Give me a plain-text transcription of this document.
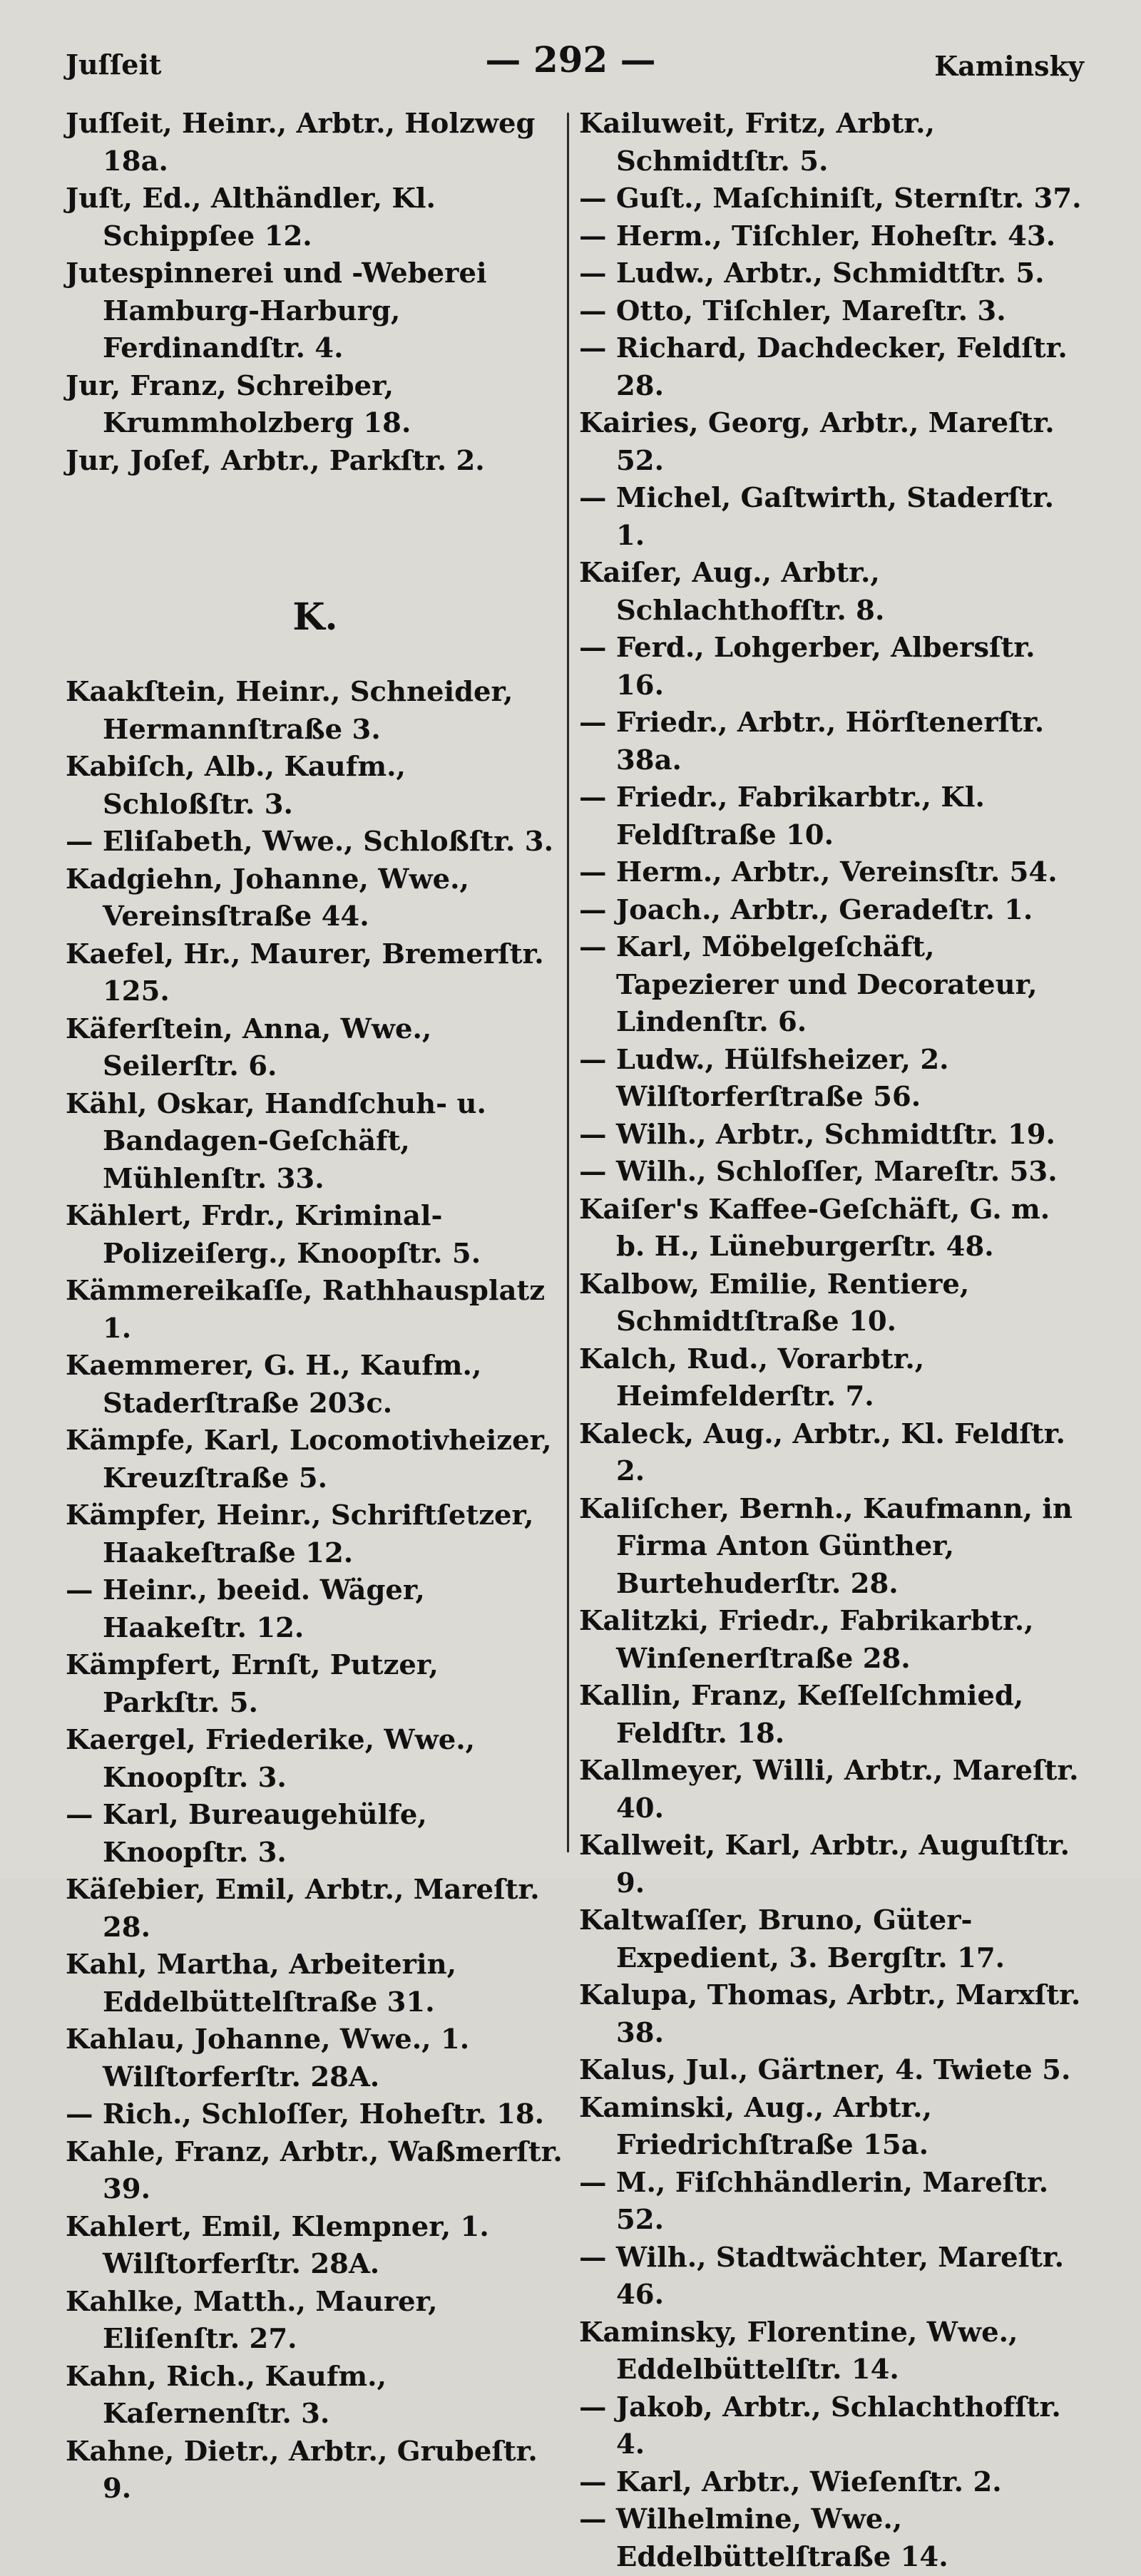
Juſſeit	— 292 —	Kaminsky
Juſſeit, Heinr., Arbtr., Holzweg 18a.
Juſt, Ed., Althändler, Kl. Schippſee 12.
Jutespinnerei und -Weberei Hamburg-Harburg, Ferdinandſtr. 4.
Jur, Franz, Schreiber, Krummholzberg 18.
Jur, Joſef, Arbtr., Parkſtr. 2.
K.
Kaakſtein, Heinr., Schneider, Hermannſtraße 3.
Kabiſch, Alb., Kaufm., Schloßſtr. 3.
— Eliſabeth, Wwe., Schloßſtr. 3.
Kadgiehn, Johanne, Wwe., Vereinsſtraße 44.
Kaefel, Hr., Maurer, Bremerſtr. 125.
Käferſtein, Anna, Wwe., Seilerſtr. 6.
Kähl, Oskar, Handſchuh- u. Bandagen-Geſchäft, Mühlenſtr. 33.
Kählert, Frdr., Kriminal-Polizeiſerg., Knoopſtr. 5.
Kämmereikaſſe, Rathhausplatz 1.
Kaemmerer, G. H., Kaufm., Staderſtraße 203c.
Kämpfe, Karl, Locomotivheizer, Kreuzſtraße 5.
Kämpfer, Heinr., Schriftſetzer, Haakeſtraße 12.
— Heinr., beeid. Wäger, Haakeſtr. 12.
Kämpfert, Ernſt, Putzer, Parkſtr. 5.
Kaergel, Friederike, Wwe., Knoopſtr. 3.
— Karl, Bureaugehülfe, Knoopſtr. 3.
Käſebier, Emil, Arbtr., Mareſtr. 28.
Kahl, Martha, Arbeiterin, Eddelbüttelſtraße 31.
Kahlau, Johanne, Wwe., 1. Wilſtorferſtr. 28A.
— Rich., Schloſſer, Hoheſtr. 18.
Kahle, Franz, Arbtr., Waßmerſtr. 39.
Kahlert, Emil, Klempner, 1. Wilſtorferſtr. 28A.
Kahlke, Matth., Maurer, Eliſenſtr. 27.
Kahn, Rich., Kaufm., Kaſernenſtr. 3.
Kahne, Dietr., Arbtr., Grubeſtr. 9.
Kailuweit, Fritz, Arbtr., Schmidtſtr. 5.
— Guſt., Maſchiniſt, Sternſtr. 37.
— Herm., Tiſchler, Hoheſtr. 43.
— Ludw., Arbtr., Schmidtſtr. 5.
— Otto, Tiſchler, Mareſtr. 3.
— Richard, Dachdecker, Feldſtr. 28.
Kairies, Georg, Arbtr., Mareſtr. 52.
— Michel, Gaſtwirth, Staderſtr. 1.
Kaiſer, Aug., Arbtr., Schlachthofſtr. 8.
— Ferd., Lohgerber, Albersſtr. 16.
— Friedr., Arbtr., Hörſtenerſtr. 38a.
— Friedr., Fabrikarbtr., Kl. Feldſtraße 10.
— Herm., Arbtr., Vereinsſtr. 54.
— Joach., Arbtr., Geradeſtr. 1.
— Karl, Möbelgeſchäft, Tapezierer und Decorateur, Lindenſtr. 6.
— Ludw., Hülfsheizer, 2. Wilſtorferſtraße 56.
— Wilh., Arbtr., Schmidtſtr. 19.
— Wilh., Schloſſer, Mareſtr. 53.
Kaiſer's Kaffee-Geſchäft, G. m. b. H., Lüneburgerſtr. 48.
Kalbow, Emilie, Rentiere, Schmidtſtraße 10.
Kalch, Rud., Vorarbtr., Heimfelderſtr. 7.
Kaleck, Aug., Arbtr., Kl. Feldſtr. 2.
Kaliſcher, Bernh., Kaufmann, in Firma Anton Günther, Burtehuderſtr. 28.
Kalitzki, Friedr., Fabrikarbtr., Winſenerſtraße 28.
Kallin, Franz, Keſſelſchmied, Feldſtr. 18.
Kallmeyer, Willi, Arbtr., Mareſtr. 40.
Kallweit, Karl, Arbtr., Auguſtſtr. 9.
Kaltwaſſer, Bruno, Güter-Expedient, 3. Bergſtr. 17.
Kalupa, Thomas, Arbtr., Marxſtr. 38.
Kalus, Jul., Gärtner, 4. Twiete 5.
Kaminski, Aug., Arbtr., Friedrichſtraße 15a.
— M., Fiſchhändlerin, Mareſtr. 52.
— Wilh., Stadtwächter, Mareſtr. 46.
Kaminsky, Florentine, Wwe., Eddelbüttelſtr. 14.
— Jakob, Arbtr., Schlachthofſtr. 4.
— Karl, Arbtr., Wieſenſtr. 2.
— Wilhelmine, Wwe., Eddelbüttelſtraße 14.
